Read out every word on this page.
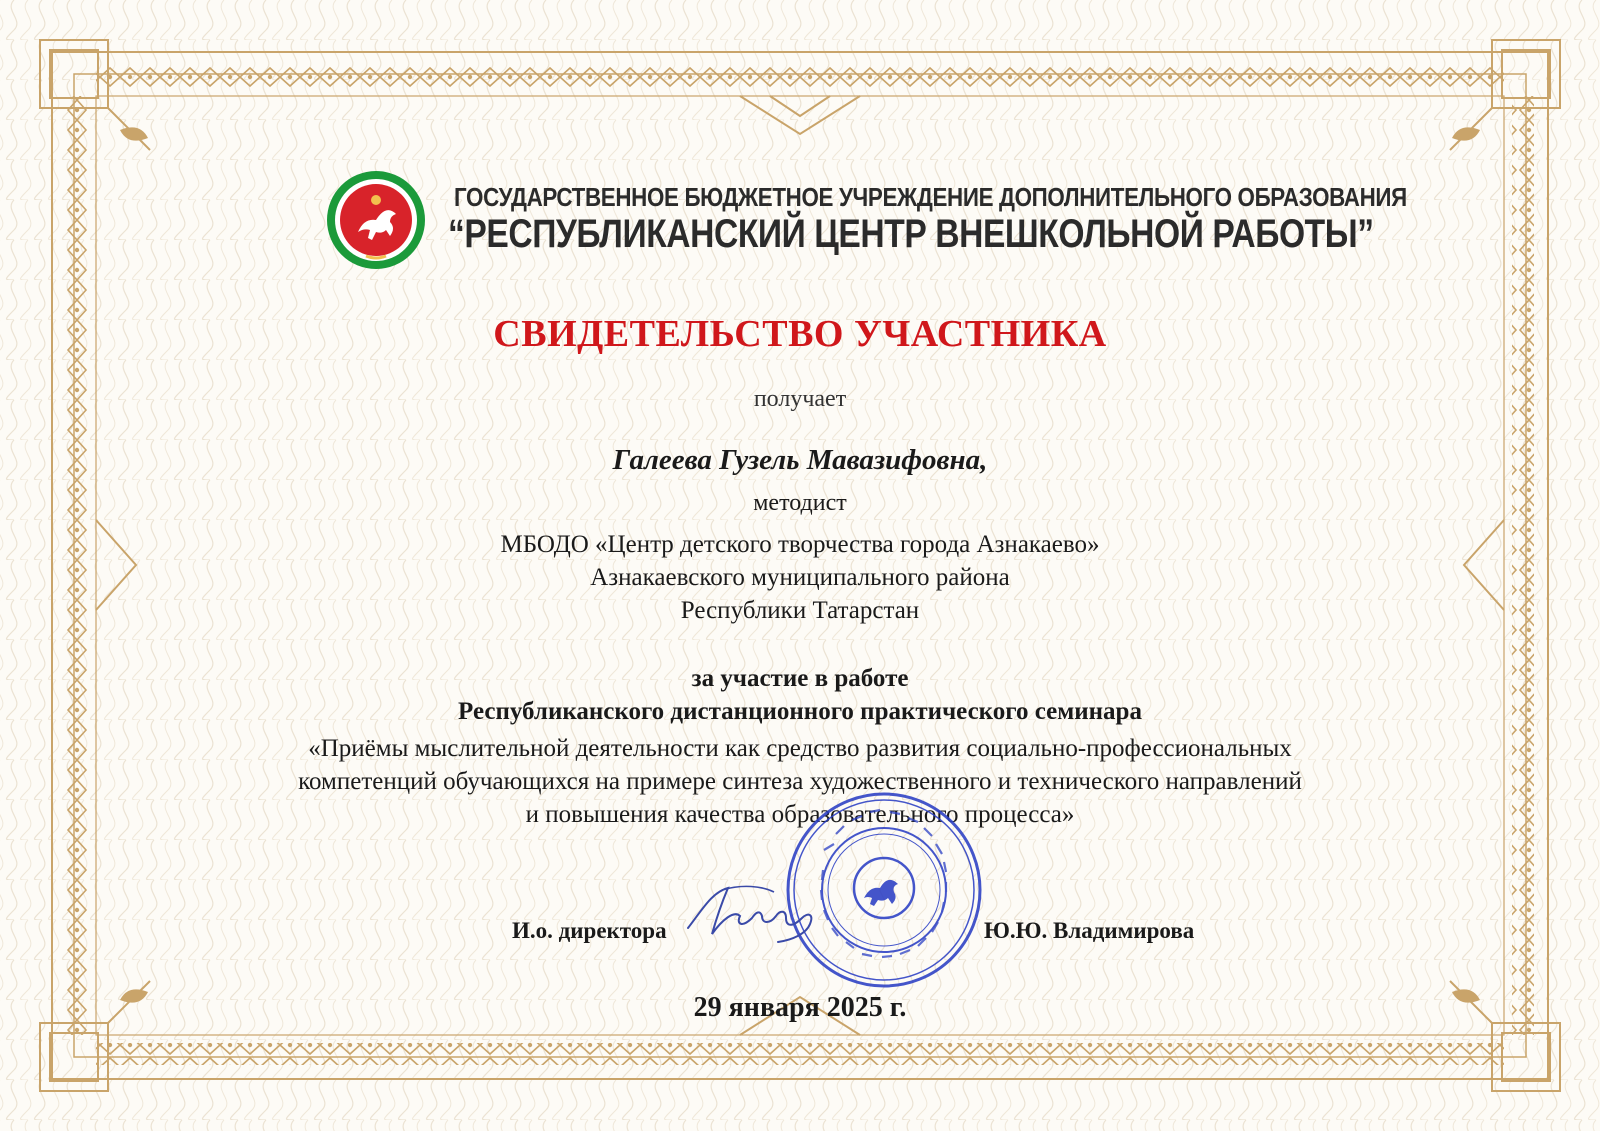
ГОСУДАРСТВЕННОЕ БЮДЖЕТНОЕ УЧРЕЖДЕНИЕ ДОПОЛНИТЕЛЬНОГО ОБРАЗОВАНИЯ
“РЕСПУБЛИКАНСКИЙ ЦЕНТР ВНЕШКОЛЬНОЙ РАБОТЫ”
СВИДЕТЕЛЬСТВО УЧАСТНИКА
получает
Галеева Гузель Мавазифовна,
методист
МБОДО «Центр детского творчества города Азнакаево»
Азнакаевского муниципального района
Республики Татарстан
за участие в работе
Республиканского дистанционного практического семинара
«Приёмы мыслительной деятельности как средство развития социально-профессиональных
компетенций обучающихся на примере синтеза художественного и технического направлений
и повышения качества образовательного процесса»
И.о. директора	Ю.Ю. Владимирова
29 января 2025 г.
